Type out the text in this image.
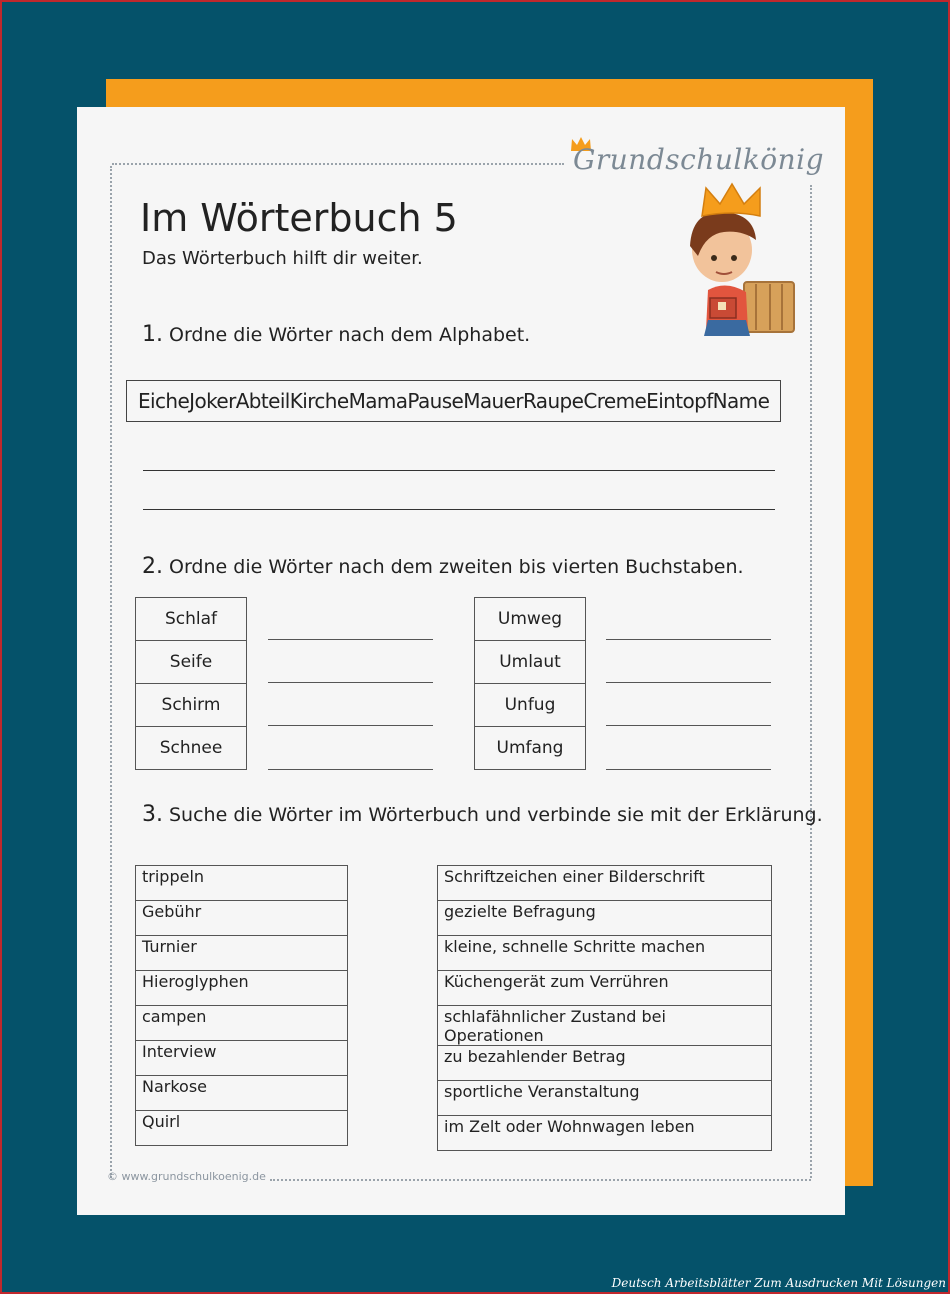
Grundschulkönig
Im Wörterbuch 5
Das Wörterbuch hilft dir weiter.
1. Ordne die Wörter nach dem Alphabet.
EicheJokerAbteilKircheMamaPauseMauerRaupeCremeEintopfName
2. Ordne die Wörter nach dem zweiten bis vierten Buchstaben.
Schlaf
Seife
Schirm
Schnee
Umweg
Umlaut
Unfug
Umfang
3. Suche die Wörter im Wörterbuch und verbinde sie mit der Erklärung.
trippeln
Gebühr
Turnier
Hieroglyphen
campen
Interview
Narkose
Quirl
Schriftzeichen einer Bilderschrift
gezielte Befragung
kleine, schnelle Schritte machen
Küchengerät zum Verrühren
schlafähnlicher Zustand bei Operationen
zu bezahlender Betrag
sportliche Veranstaltung
im Zelt oder Wohnwagen leben
© www.grundschulkoenig.de
Deutsch Arbeitsblätter Zum Ausdrucken Mit Lösungen
